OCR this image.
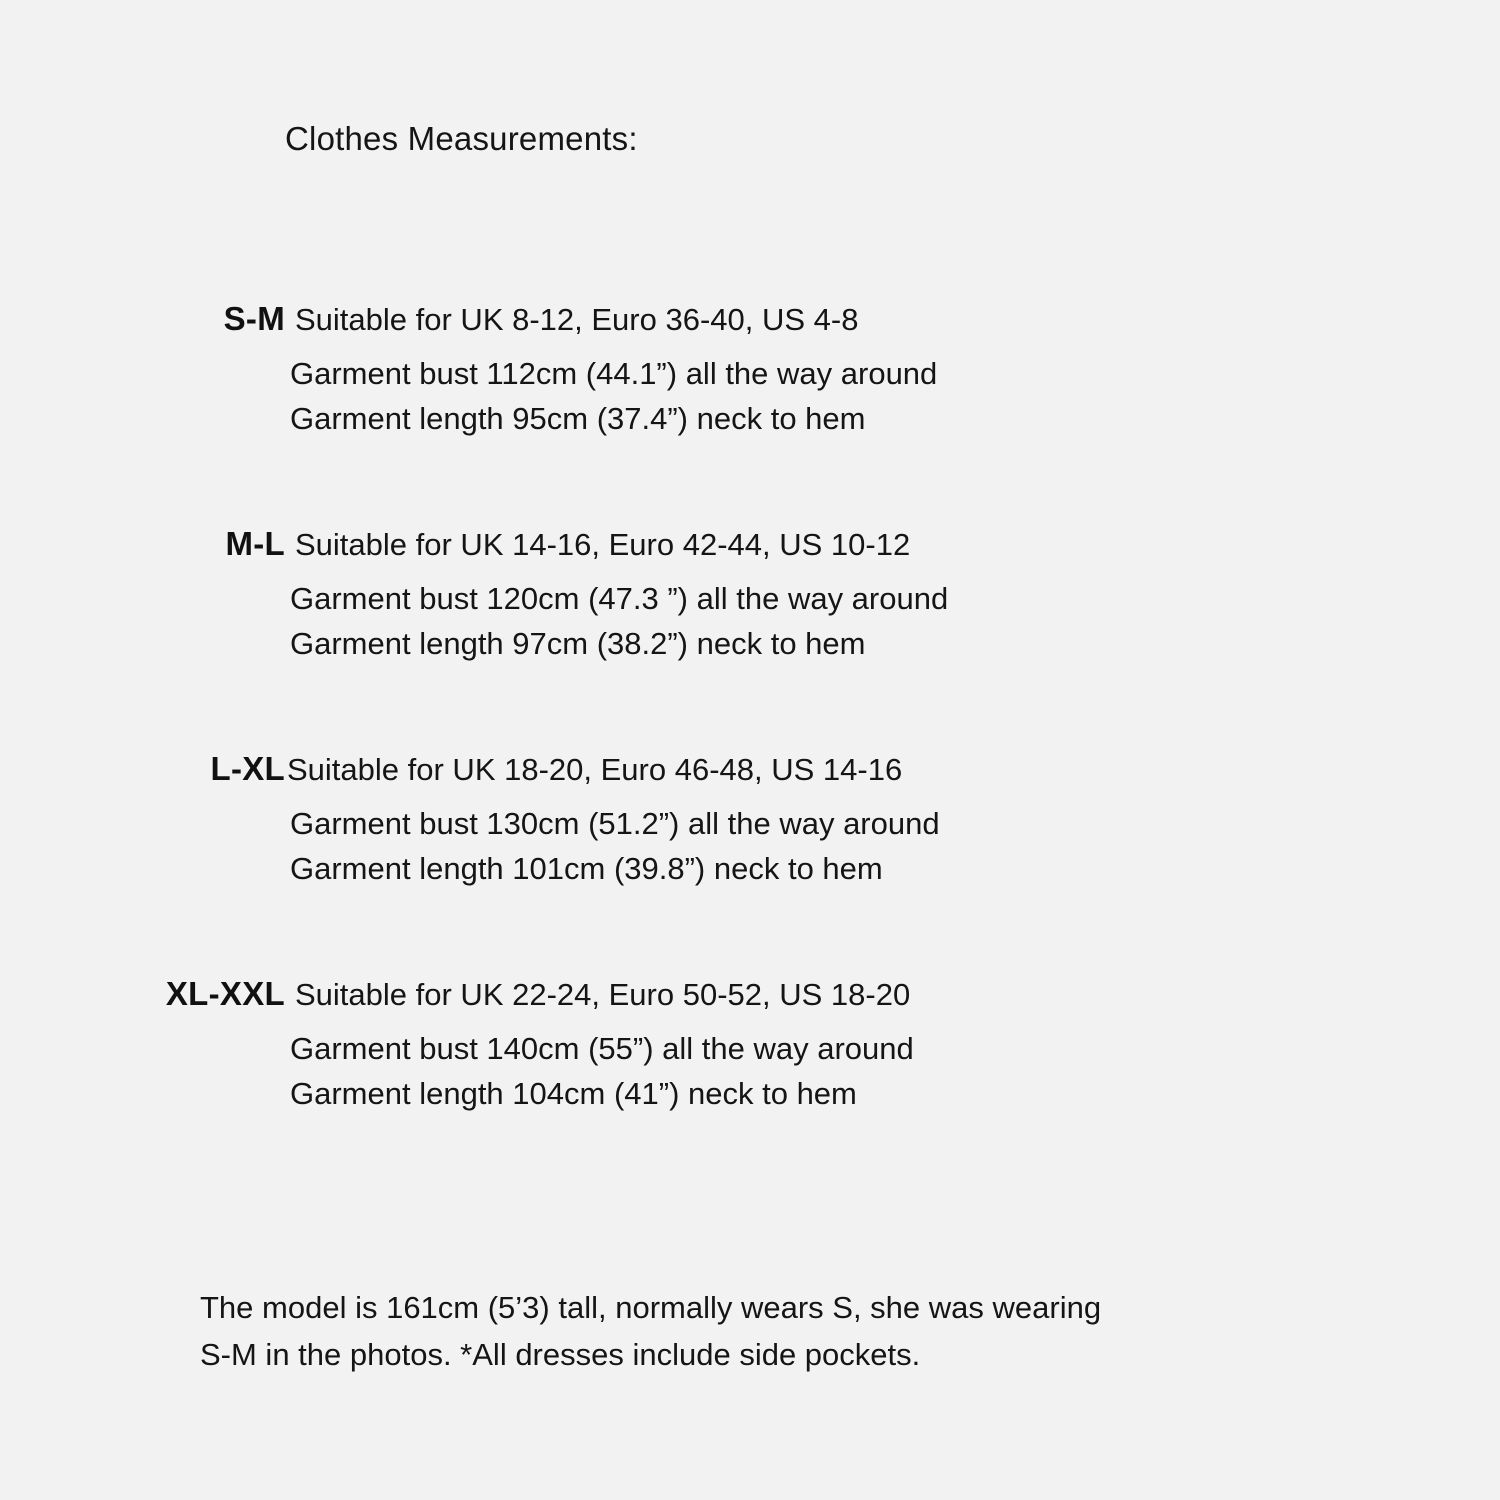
Clothes Measurements:
S-M Suitable for UK 8-12, Euro 36-40, US 4-8
Garment bust 112cm (44.1”) all the way around
Garment length 95cm (37.4”) neck to hem
M-L Suitable for UK 14-16, Euro 42-44, US 10-12
Garment bust 120cm (47.3 ”) all the way around
Garment length 97cm (38.2”) neck to hem
L-XL Suitable for UK 18-20, Euro 46-48, US 14-16
Garment bust 130cm (51.2”) all the way around
Garment length 101cm (39.8”) neck to hem
XL-XXL Suitable for UK 22-24, Euro 50-52, US 18-20
Garment bust 140cm (55”) all the way around
Garment length 104cm (41”) neck to hem
The model is 161cm (5’3) tall, normally wears S, she was wearing
S-M in the photos. *All dresses include side pockets.
